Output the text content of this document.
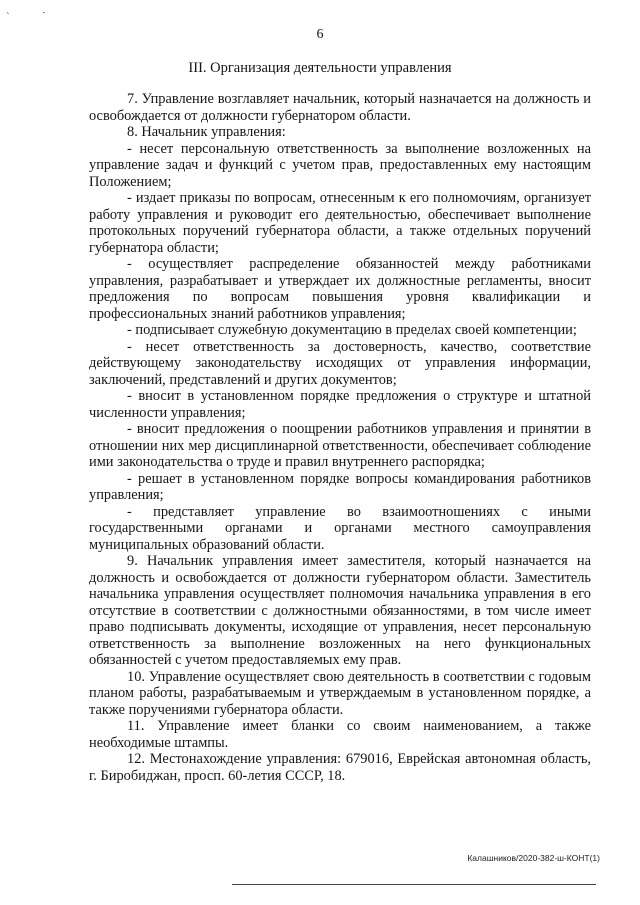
`	·
6
III. Организация деятельности управления

7. Управление возглавляет начальник, который назначается на должность и освобождается от должности губернатором области.

8. Начальник управления:

- несет персональную ответственность за выполнение возложенных на управление задач и функций с учетом прав, предоставленных ему настоящим Положением;

- издает приказы по вопросам, отнесенным к его полномочиям, организует работу управления и руководит его деятельностью, обеспечивает выполнение протокольных поручений губернатора области, а также отдельных поручений губернатора области;

- осуществляет распределение обязанностей между работниками управления, разрабатывает и утверждает их должностные регламенты, вносит предложения по вопросам повышения уровня квалификации и профессиональных знаний работников управления;

- подписывает служебную документацию в пределах своей компетенции;

- несет ответственность за достоверность, качество, соответствие действующему законодательству исходящих от управления информации, заключений, представлений и других документов;

- вносит в установленном порядке предложения о структуре и штатной численности управления;

- вносит предложения о поощрении работников управления и принятии в отношении них мер дисциплинарной ответственности, обеспечивает соблюдение ими законодательства о труде и правил внутреннего распорядка;

- решает в установленном порядке вопросы командирования работников управления;

- представляет управление во взаимоотношениях с иными государственными органами и органами местного самоуправления муниципальных образований области.

9. Начальник управления имеет заместителя, который назначается на должность и освобождается от должности губернатором области. Заместитель начальника управления осуществляет полномочия начальника управления в его отсутствие в соответствии с должностными обязанностями, в том числе имеет право подписывать документы, исходящие от управления, несет персональную ответственность за выполнение возложенных на него функциональных обязанностей с учетом предоставляемых ему прав.

10. Управление осуществляет свою деятельность в соответствии с годовым планом работы, разрабатываемым и утверждаемым в установленном порядке, а также поручениями губернатора области.

11. Управление имеет бланки со своим наименованием, а также необходимые штампы.

12. Местонахождение управления: 679016, Еврейская автономная область, г. Биробиджан, просп. 60-летия СССР, 18.

Калашников/2020-382-ш-КОНТ(1)
